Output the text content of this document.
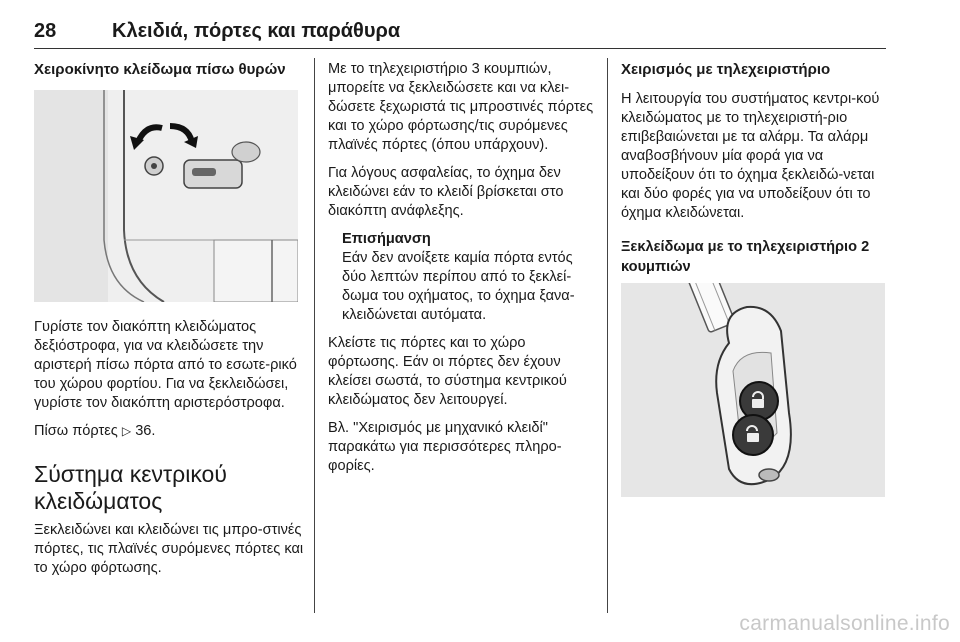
28	Κλειδιά, πόρτες και παράθυρα
Χειροκίνητο κλείδωμα πίσω θυρών

Γυρίστε τον διακόπτη κλειδώματος δεξιόστροφα, για να κλειδώσετε την αριστερή πίσω πόρτα από το εσωτε‐ρικό του χώρου φορτίου. Για να ξεκλειδώσει, γυρίστε τον διακόπτη αριστερόστροφα.

Πίσω πόρτες ▷ 36.

Σύστημα κεντρικού κλειδώματος

Ξεκλειδώνει και κλειδώνει τις μπρο‐στινές πόρτες, τις πλαϊνές συρόμενες πόρτες και το χώρο φόρτωσης.

Με το τηλεχειριστήριο 3 κουμπιών, μπορείτε να ξεκλειδώσετε και να κλει‐δώσετε ξεχωριστά τις μπροστινές πόρτες και το χώρο φόρτωσης/τις συρόμενες πλαϊνές πόρτες (όπου υπάρχουν).

Για λόγους ασφαλείας, το όχημα δεν κλειδώνει εάν το κλειδί βρίσκεται στο διακόπτη ανάφλεξης.

Επισήμανση
Εάν δεν ανοίξετε καμία πόρτα εντός δύο λεπτών περίπου από το ξεκλεί‐δωμα του οχήματος, το όχημα ξανα‐κλειδώνεται αυτόματα.

Κλείστε τις πόρτες και το χώρο φόρτωσης. Εάν οι πόρτες δεν έχουν κλείσει σωστά, το σύστημα κεντρικού κλειδώματος δεν λειτουργεί.

Βλ. "Χειρισμός με μηχανικό κλειδί" παρακάτω για περισσότερες πληρο‐φορίες.

Χειρισμός με τηλεχειριστήριο

Η λειτουργία του συστήματος κεντρι‐κού κλειδώματος με το τηλεχειριστή‐ριο επιβεβαιώνεται με τα αλάρμ. Τα αλάρμ αναβοσβήνουν μία φορά για να υποδείξουν ότι το όχημα ξεκλειδώ‐νεται και δύο φορές για να υποδείξουν ότι το όχημα κλειδώνεται.

Ξεκλείδωμα με το τηλεχειριστήριο 2 κουμπιών
carmanualsonline.info
